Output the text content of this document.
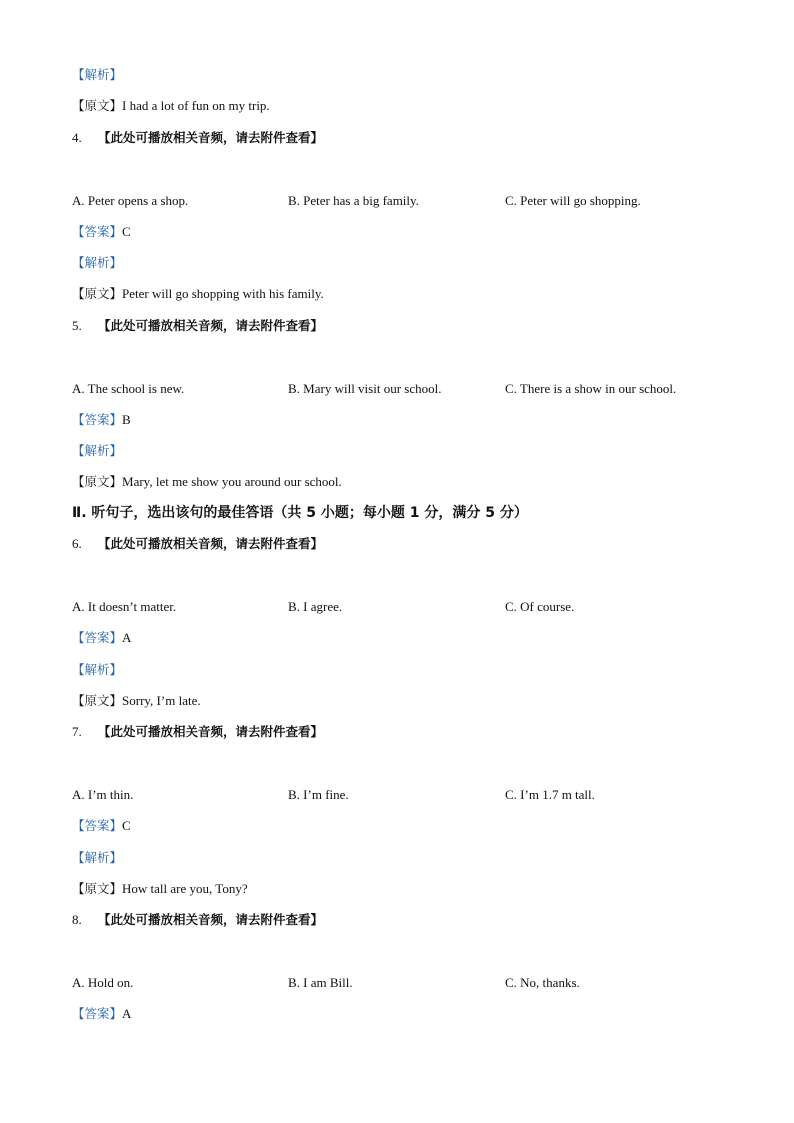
【解析】
【原文】I had a lot of fun on my trip.
4. 【此处可播放相关音频，请去附件查看】
A. Peter opens a shop.	B. Peter has a big family.	C. Peter will go shopping.
【答案】C
【解析】
【原文】Peter will go shopping with his family.
5. 【此处可播放相关音频，请去附件查看】
A. The school is new.	B. Mary will visit our school.	C. There is a show in our school.
【答案】B
【解析】
【原文】Mary, let me show you around our school.
Ⅱ. 听句子，选出该句的最佳答语（共 5 小题；每小题 1 分，满分 5 分）
6. 【此处可播放相关音频，请去附件查看】
A. It doesn’t matter.	B. I agree.	C. Of course.
【答案】A
【解析】
【原文】Sorry, I’m late.
7. 【此处可播放相关音频，请去附件查看】
A. I’m thin.	B. I’m fine.	C. I’m 1.7 m tall.
【答案】C
【解析】
【原文】How tall are you, Tony?
8. 【此处可播放相关音频，请去附件查看】
A. Hold on.	B. I am Bill.	C. No, thanks.
【答案】A
